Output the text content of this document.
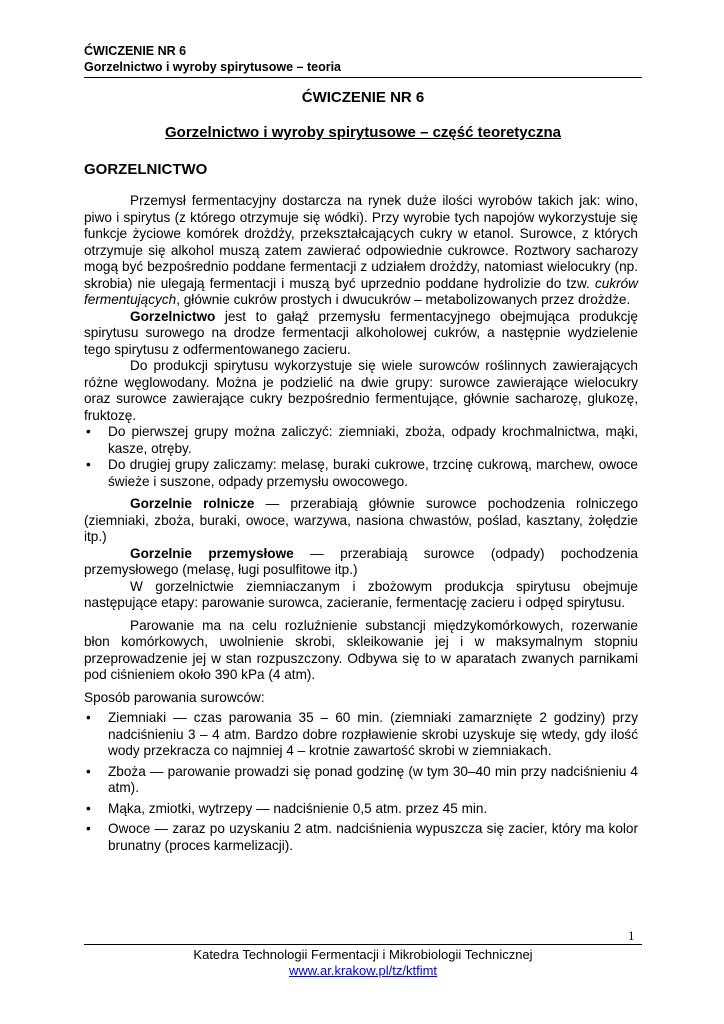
ĆWICZENIE NR 6
Gorzelnictwo i wyroby spirytusowe – teoria
ĆWICZENIE NR 6
Gorzelnictwo i wyroby spirytusowe – część teoretyczna
GORZELNICTWO

Przemysł fermentacyjny dostarcza na rynek duże ilości wyrobów takich jak: wino, piwo i spirytus (z którego otrzymuje się wódki). Przy wyrobie tych napojów wykorzystuje się funkcje życiowe komórek drożdży, przekształcających cukry w etanol. Surowce, z których otrzymuje się alkohol muszą zatem zawierać odpowiednie cukrowce. Roztwory sacharozy mogą być bezpośrednio poddane fermentacji z udziałem drożdży, natomiast wielocukry (np. skrobia) nie ulegają fermentacji i muszą być uprzednio poddane hydrolizie do tzw. cukrów fermentujących, głównie cukrów prostych i dwucukrów – metabolizowanych przez drożdże.

Gorzelnictwo jest to gałąź przemysłu fermentacyjnego obejmująca produkcję spirytusu surowego na drodze fermentacji alkoholowej cukrów, a następnie wydzielenie tego spirytusu z odfermentowanego zacieru.

Do produkcji spirytusu wykorzystuje się wiele surowców roślinnych zawierających różne węglowodany. Można je podzielić na dwie grupy: surowce zawierające wielocukry oraz surowce zawierające cukry bezpośrednio fermentujące, głównie sacharozę, glukozę, fruktozę.

• Do pierwszej grupy można zaliczyć: ziemniaki, zboża, odpady krochmalnictwa, mąki, kasze, otręby.
• Do drugiej grupy zaliczamy: melasę, buraki cukrowe, trzcinę cukrową, marchew, owoce świeże i suszone, odpady przemysłu owocowego.

Gorzelnie rolnicze — przerabiają głównie surowce pochodzenia rolniczego (ziemniaki, zboża, buraki, owoce, warzywa, nasiona chwastów, poślad, kasztany, żołędzie itp.)

Gorzelnie przemysłowe — przerabiają surowce (odpady) pochodzenia przemysłowego (melasę, ługi posulfitowe itp.)

W gorzelnictwie ziemniaczanym i zbożowym produkcja spirytusu obejmuje następujące etapy: parowanie surowca, zacieranie, fermentację zacieru i odpęd spirytusu.

Parowanie ma na celu rozluźnienie substancji międzykomórkowych, rozerwanie błon komórkowych, uwolnienie skrobi, skleikowanie jej i w maksymalnym stopniu przeprowadzenie jej w stan rozpuszczony. Odbywa się to w aparatach zwanych parnikami pod ciśnieniem około 390 kPa (4 atm).

Sposób parowania surowców:

• Ziemniaki — czas parowania 35 – 60 min. (ziemniaki zamarznięte 2 godziny) przy nadciśnieniu 3 – 4 atm. Bardzo dobre rozpławienie skrobi uzyskuje się wtedy, gdy ilość wody przekracza co najmniej 4 – krotnie zawartość skrobi w ziemniakach.
• Zboża — parowanie prowadzi się ponad godzinę (w tym 30–40 min przy nadciśnieniu 4 atm).
• Mąka, zmiotki, wytrzepy — nadciśnienie 0,5 atm. przez 45 min.
• Owoce — zaraz po uzyskaniu 2 atm. nadciśnienia wypuszcza się zacier, który ma kolor brunatny (proces karmelizacji).
1
Katedra Technologii Fermentacji i Mikrobiologii Technicznej
www.ar.krakow.pl/tz/ktfimt
